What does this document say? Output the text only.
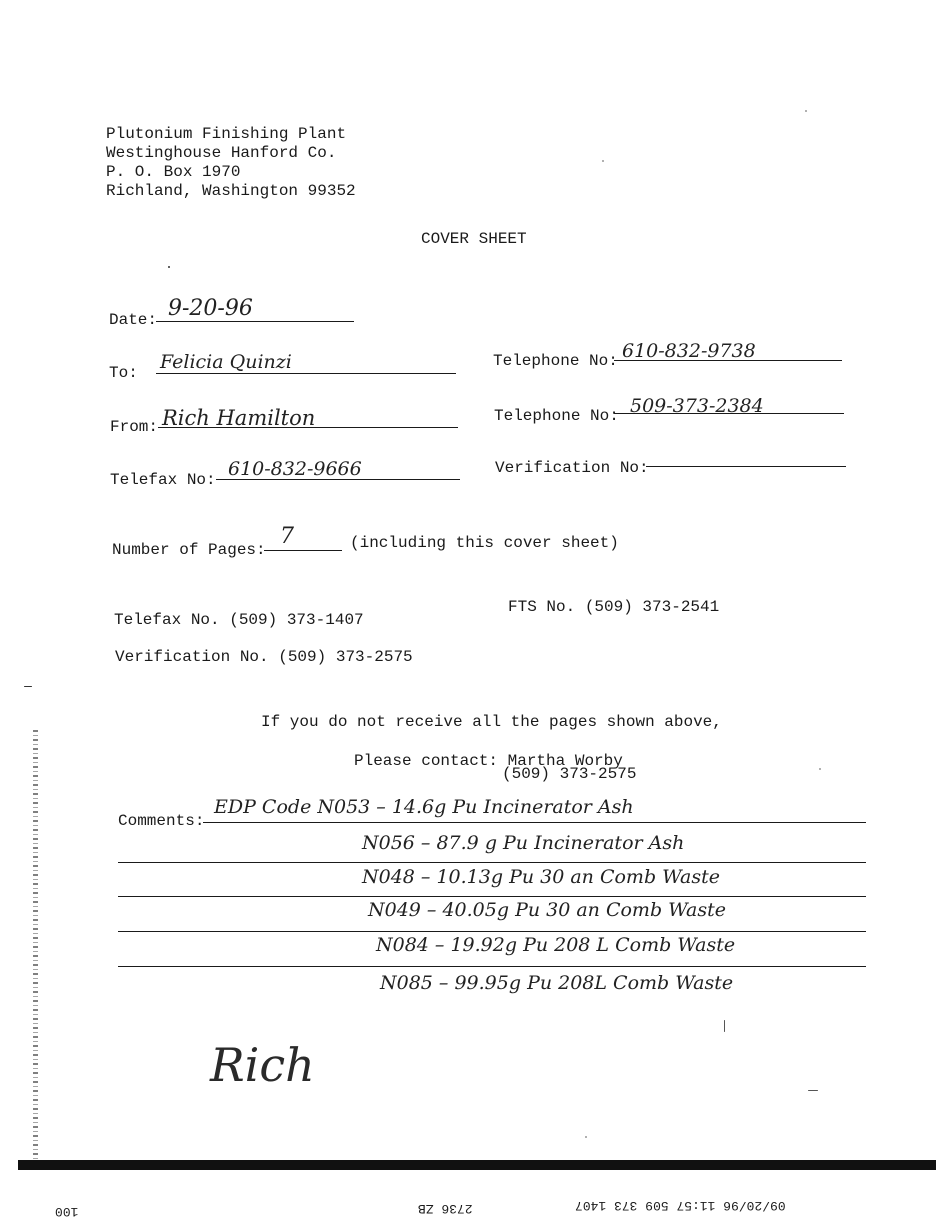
Plutonium Finishing Plant
Westinghouse Hanford Co.
P. O. Box 1970
Richland, Washington 99352
COVER SHEET
Date: 9-20-96
To: Felicia Quinzi	Telephone No: 610-832-9738
From: Rich Hamilton	Telephone No: 509-373-2384
Telefax No: 610-832-9666	Verification No:
Number of Pages:
7	(including this cover sheet)
Telefax No. (509) 373-1407
FTS No. (509) 373-2541
Verification No. (509) 373-2575
If you do not receive all the pages shown above,
Please contact: Martha Worby
(509) 373-2575
Comments:
EDP Code N053 – 14.6g Pu Incinerator Ash
N056 – 87.9 g Pu Incinerator Ash
N048 – 10.13g Pu 30 an Comb Waste
N049 – 40.05g Pu 30 an Comb Waste
N084 – 19.92g Pu 208 L Comb Waste
N085 – 99.95g Pu 208L Comb Waste
Rich
100	2736 ZB	09/20/96 11:57 509 373 1407
